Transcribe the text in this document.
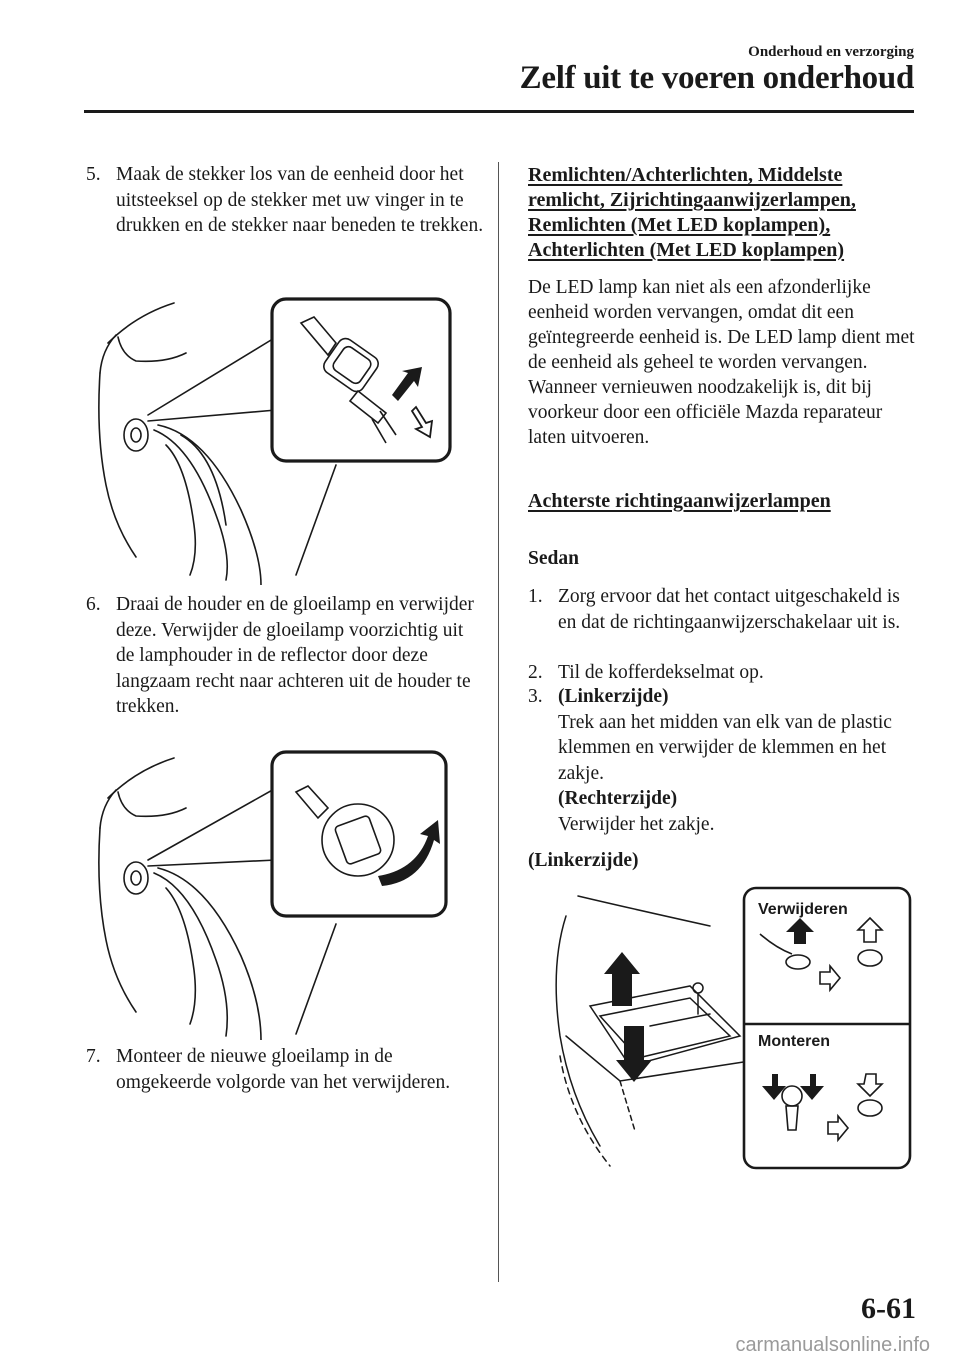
Onderhoud en verzorging
Zelf uit te voeren onderhoud
5. Maak de stekker los van de eenheid door het uitsteeksel op de stekker met uw vinger in te drukken en de stekker naar beneden te trekken.
6. Draai de houder en de gloeilamp en verwijder deze. Verwijder de gloeilamp voorzichtig uit de lamphouder in de reflector door deze langzaam recht naar achteren uit de houder te trekken.
7. Monteer de nieuwe gloeilamp in de omgekeerde volgorde van het verwijderen.
Remlichten/Achterlichten, Middelste
remlicht, Zijrichtingaanwijzerlampen,
Remlichten (Met LED koplampen),
Achterlichten (Met LED koplampen)
De LED lamp kan niet als een afzonderlijke eenheid worden vervangen, omdat dit een geïntegreerde eenheid is. De LED lamp dient met de eenheid als geheel te worden vervangen. Wanneer vernieuwen noodzakelijk is, dit bij voorkeur door een officiële Mazda reparateur laten uitvoeren.
Achterste richtingaanwijzerlampen
Sedan
1. Zorg ervoor dat het contact uitgeschakeld is en dat de richtingaanwijzerschakelaar uit is.
2. Til de kofferdekselmat op.
3. (Linkerzijde)
Trek aan het midden van elk van de plastic klemmen en verwijder de klemmen en het zakje.
(Rechterzijde)
Verwijder het zakje.
(Linkerzijde)
Verwijderen
Monteren
6-61
carmanualsonline.info
